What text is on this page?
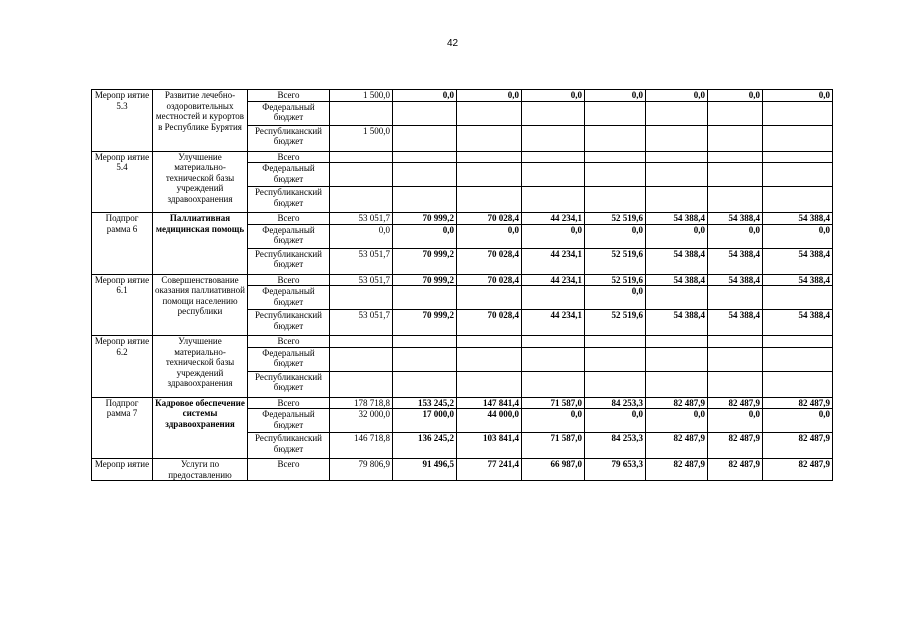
42
Меропр иятие 5.3	Развитие лечебно-оздоровительных местностей и курортов в Республике Бурятия	Всего	1 500,0	0,0	0,0	0,0	0,0	0,0	0,0	0,0
		Федеральный бюджет								
		Республиканский бюджет	1 500,0							
Меропр иятие 5.4	Улучшение материально-технической базы учреждений здравоохранения	Всего								
		Федеральный бюджет								
		Республиканский бюджет								
Подпрог рамма 6	Паллиативная медицинская помощь	Всего	53 051,7	70 999,2	70 028,4	44 234,1	52 519,6	54 388,4	54 388,4	54 388,4
		Федеральный бюджет	0,0	0,0	0,0	0,0	0,0	0,0	0,0	0,0
		Республиканский бюджет	53 051,7	70 999,2	70 028,4	44 234,1	52 519,6	54 388,4	54 388,4	54 388,4
Меропр иятие 6.1	Совершенствование оказания паллиативной помощи населению республики	Всего	53 051,7	70 999,2	70 028,4	44 234,1	52 519,6	54 388,4	54 388,4	54 388,4
		Федеральный бюджет					0,0			
		Республиканский бюджет	53 051,7	70 999,2	70 028,4	44 234,1	52 519,6	54 388,4	54 388,4	54 388,4
Меропр иятие 6.2	Улучшение материально-технической базы учреждений здравоохранения	Всего								
		Федеральный бюджет								
		Республиканский бюджет								
Подпрог рамма 7	Кадровое обеспечение системы здравоохранения	Всего	178 718,8	153 245,2	147 841,4	71 587,0	84 253,3	82 487,9	82 487,9	82 487,9
		Федеральный бюджет	32 000,0	17 000,0	44 000,0	0,0	0,0	0,0	0,0	0,0
		Республиканский бюджет	146 718,8	136 245,2	103 841,4	71 587,0	84 253,3	82 487,9	82 487,9	82 487,9
Меропр иятие	Услуги по предоставлению	Всего	79 806,9	91 496,5	77 241,4	66 987,0	79 653,3	82 487,9	82 487,9	82 487,9
